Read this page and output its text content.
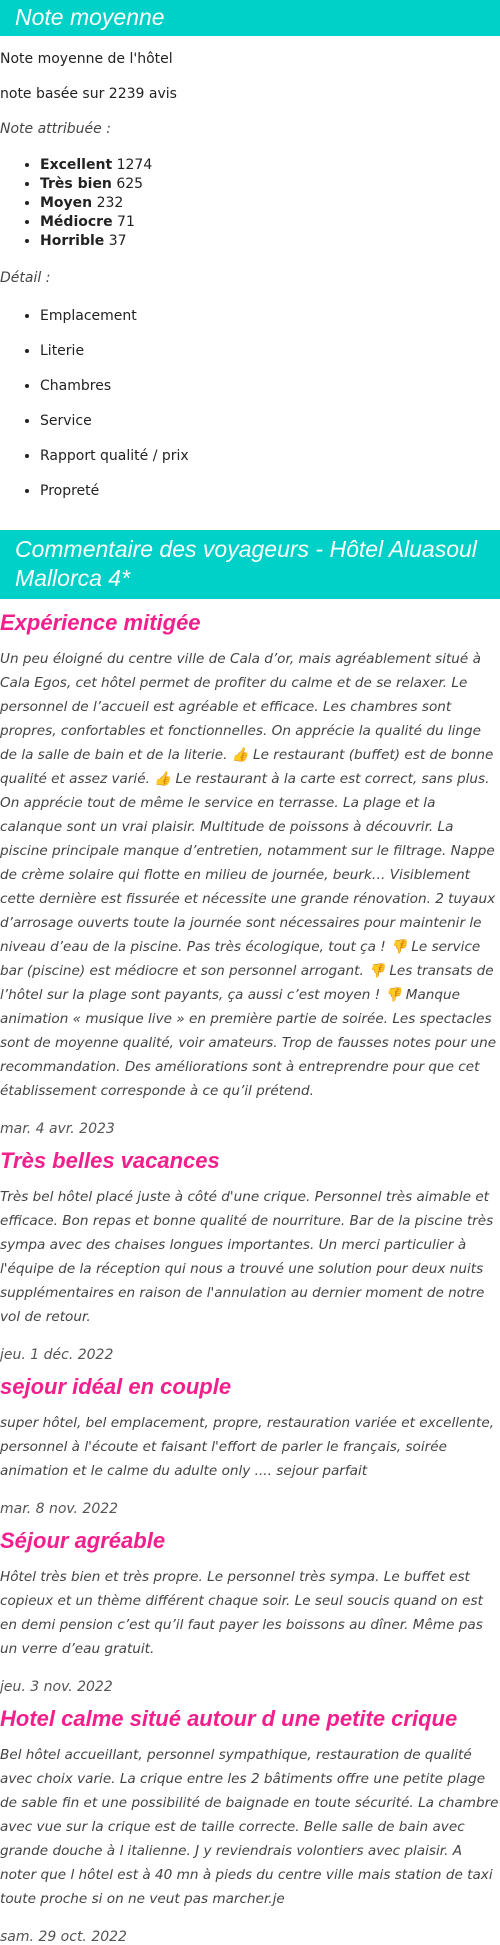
Note moyenne

Note moyenne de l'hôtel

note basée sur 2239 avis

Note attribuée :
• Excellent 1274
• Très bien 625
• Moyen 232
• Médiocre 71
• Horrible 37
Détail :
• Emplacement
• Literie
• Chambres
• Service
• Rapport qualité / prix
• Propreté
Commentaire des voyageurs - Hôtel Aluasoul Mallorca 4*
Expérience mitigée

Un peu éloigné du centre ville de Cala d’or, mais agréablement situé à Cala Egos, cet hôtel permet de profiter du calme et de se relaxer. Le personnel de l’accueil est agréable et efficace. Les chambres sont propres, confortables et fonctionnelles. On apprécie la qualité du linge de la salle de bain et de la literie. 👍 Le restaurant (buffet) est de bonne qualité et assez varié. 👍 Le restaurant à la carte est correct, sans plus. On apprécie tout de même le service en terrasse. La plage et la calanque sont un vrai plaisir. Multitude de poissons à découvrir. La piscine principale manque d’entretien, notamment sur le filtrage. Nappe de crème solaire qui flotte en milieu de journée, beurk… Visiblement cette dernière est fissurée et nécessite une grande rénovation. 2 tuyaux d’arrosage ouverts toute la journée sont nécessaires pour maintenir le niveau d’eau de la piscine. Pas très écologique, tout ça ! 👎 Le service bar (piscine) est médiocre et son personnel arrogant. 👎 Les transats de l’hôtel sur la plage sont payants, ça aussi c’est moyen ! 👎 Manque animation « musique live » en première partie de soirée. Les spectacles sont de moyenne qualité, voir amateurs. Trop de fausses notes pour une recommandation. Des améliorations sont à entreprendre pour que cet établissement corresponde à ce qu’il prétend.

mar. 4 avr. 2023
Très belles vacances

Très bel hôtel placé juste à côté d'une crique. Personnel très aimable et efficace. Bon repas et bonne qualité de nourriture. Bar de la piscine très sympa avec des chaises longues importantes. Un merci particulier à l'équipe de la réception qui nous a trouvé une solution pour deux nuits supplémentaires en raison de l'annulation au dernier moment de notre vol de retour.

jeu. 1 déc. 2022
sejour idéal en couple

super hôtel, bel emplacement, propre, restauration variée et excellente, personnel à l'écoute et faisant l'effort de parler le français, soirée animation et le calme du adulte only .... sejour parfait

mar. 8 nov. 2022
Séjour agréable

Hôtel très bien et très propre. Le personnel très sympa. Le buffet est copieux et un thème différent chaque soir. Le seul soucis quand on est en demi pension c’est qu’il faut payer les boissons au dîner. Même pas un verre d’eau gratuit.

jeu. 3 nov. 2022
Hotel calme situé autour d une petite crique

Bel hôtel accueillant, personnel sympathique, restauration de qualité avec choix varie. La crique entre les 2 bâtiments offre une petite plage de sable fin et une possibilité de baignade en toute sécurité. La chambre avec vue sur la crique est de taille correcte. Belle salle de bain avec grande douche à l italienne. J y reviendrais volontiers avec plaisir. A noter que l hôtel est à 40 mn à pieds du centre ville mais station de taxi toute proche si on ne veut pas marcher.je

sam. 29 oct. 2022
